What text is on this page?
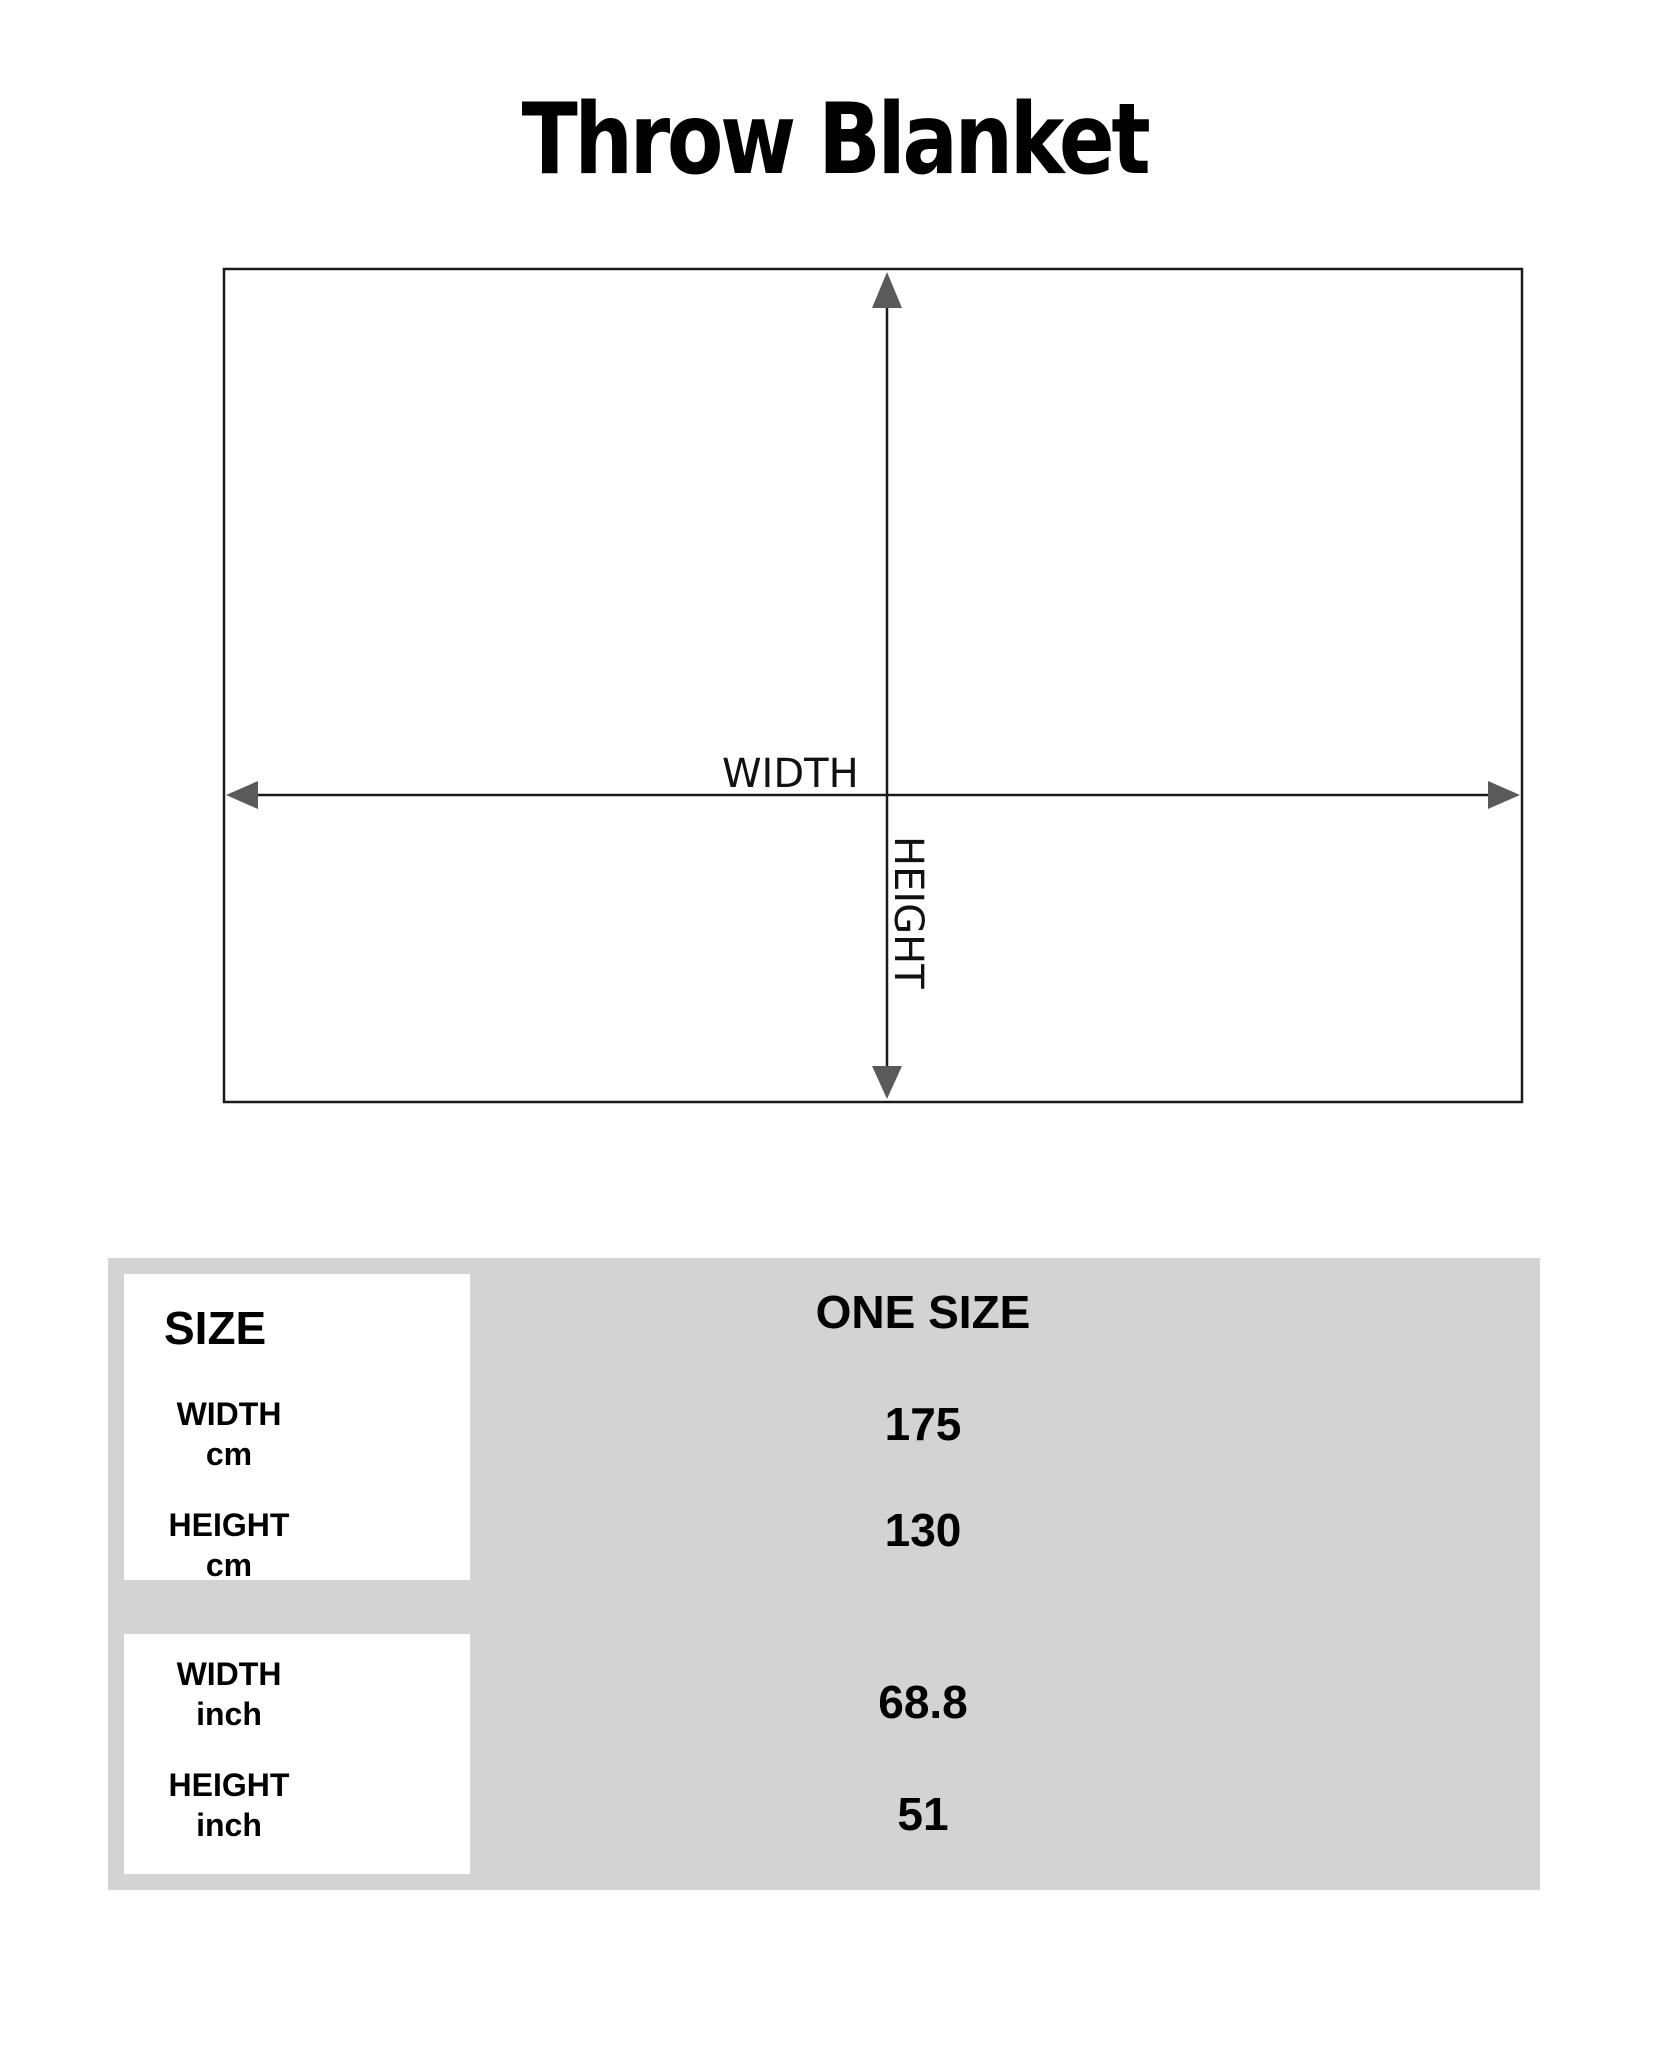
Throw Blanket
WIDTH
HEIGHT
SIZE
WIDTH
cm
HEIGHT
cm
WIDTH
inch
HEIGHT
inch
ONE SIZE
175
130
68.8
51
